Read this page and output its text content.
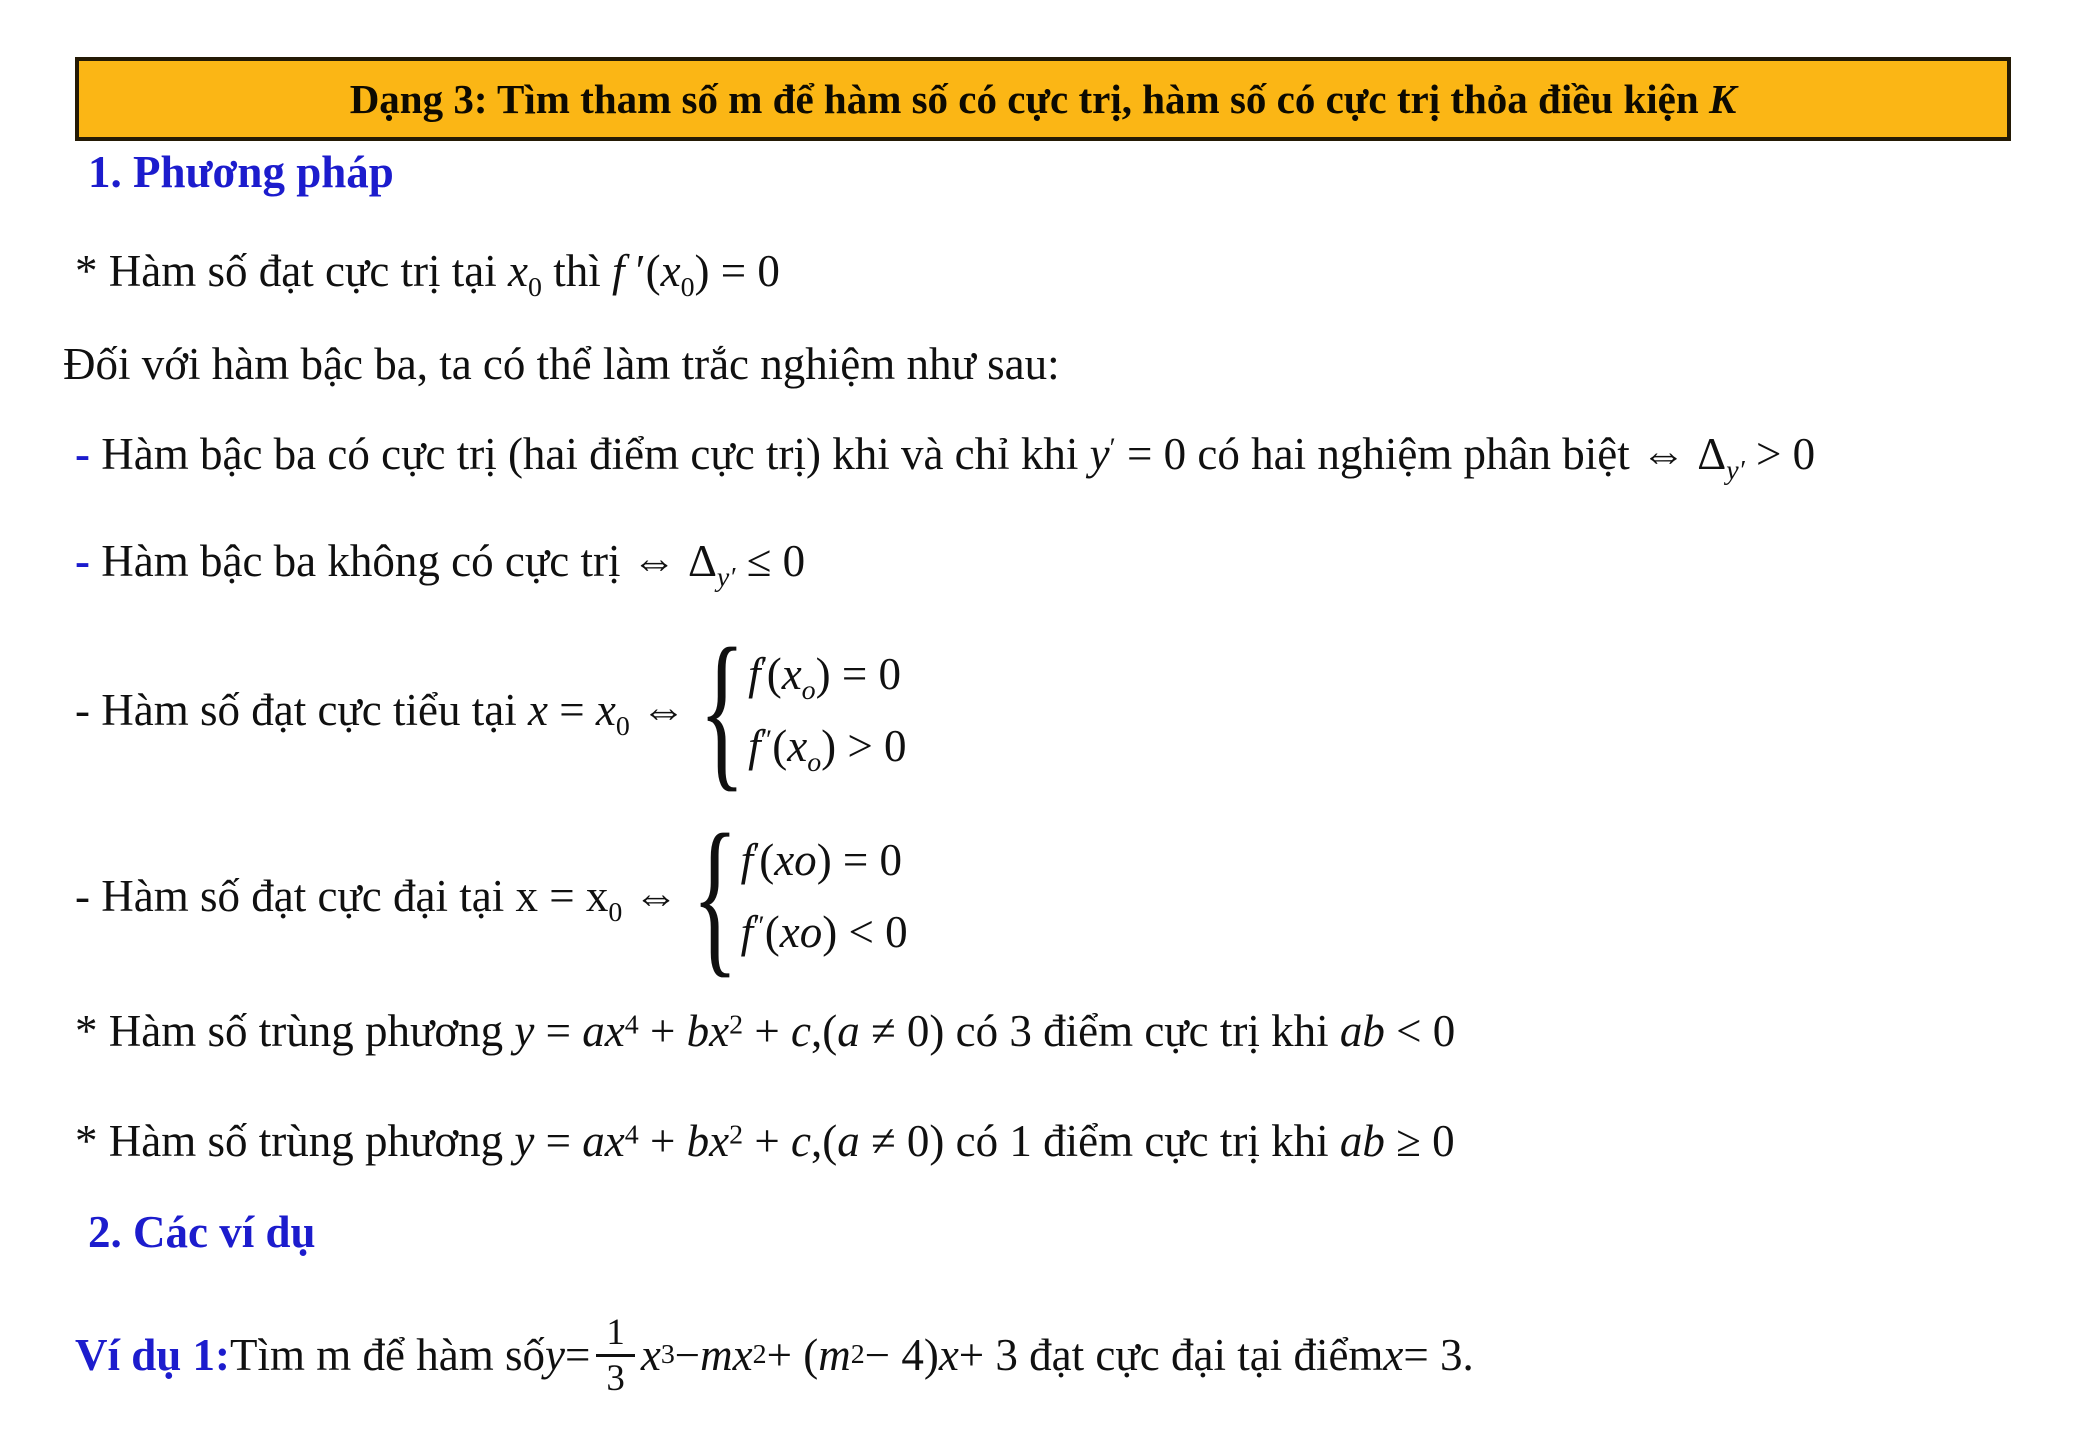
Dạng 3: Tìm tham số m để hàm số có cực trị, hàm số có cực trị thỏa điều kiện K
1. Phương pháp
* Hàm số đạt cực trị tại $x_0$ thì f $'(x_0) = 0$
Đối với hàm bậc ba, ta có thể làm trắc nghiệm như sau:
- Hàm bậc ba có cực trị (hai điểm cực trị) khi và chỉ khi y′ = 0 có hai nghiệm phân biệt ⇔ $\Delta_{y'} > 0$
- Hàm bậc ba không có cực trị ⇔ $\Delta_{y'} \le 0$
- Hàm số đạt cực tiểu tại $x = x_0$ ⇔ { $f'(x_o) = 0$
$f''(x_o) > 0$
- Hàm số đạt cực đại tại $x = x_0$ ⇔ { f′(xo) = 0
f″(xo) < 0
* Hàm số trùng phương $y = ax^4 + bx^2 + c,(a \ne 0)$ có 3 điểm cực trị khi ab < 0
* Hàm số trùng phương $y = ax^4 + bx^2 + c,(a \ne 0)$ có 1 điểm cực trị khi ab ≥ 0
2. Các ví dụ
Ví dụ 1: Tìm m để hàm số $y = \frac{1}{3}$ x 3 − mx 2 + ( m 2 − 4) x + 3 đạt cực đại tại điểm x = 3.
